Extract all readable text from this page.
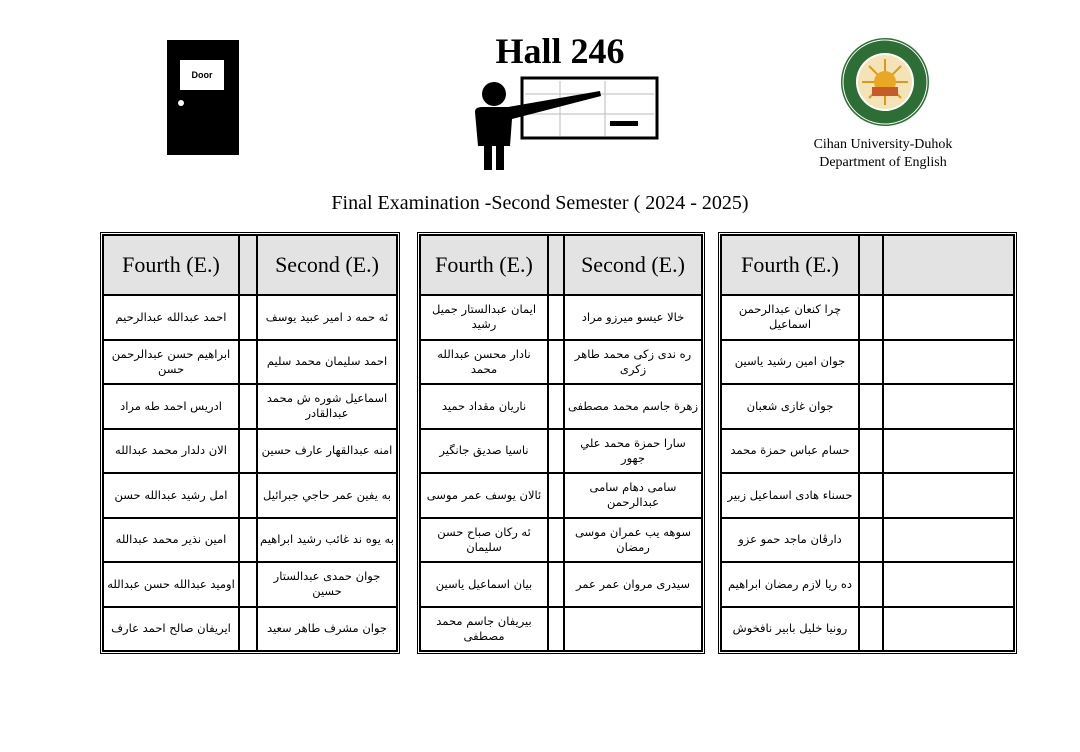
Door
Hall 246
Cihan University-Duhok
Department of English
Final Examination -Second Semester ( 2024 - 2025)
Fourth (E.)		Second (E.)
احمد عبدالله عبدالرحيم		ئه حمه د امير عبيد يوسف
ابراهيم حسن عبدالرحمن حسن		احمد سليمان محمد سليم
ادريس احمد طه مراد		اسماعيل شوره ش محمد عبدالقادر
الان دلدار محمد عبدالله		امنه عبدالقهار عارف حسين
امل رشيد عبدالله حسن		به يفين عمر حاجي جبرائيل
امين نذير محمد عبدالله		به يوه ند غائب رشيد ابراهيم
اوميد عبدالله حسن عبدالله		جوان حمدى عبدالستار حسين
ايريفان صالح احمد عارف		جوان مشرف طاهر سعيد
Fourth (E.)		Second (E.)
ايمان عبدالستار جميل رشيد		خالا عيسو ميرزو مراد
نادار محسن عبدالله محمد		ره ندى زكى محمد طاهر زكرى
ناريان مقداد حميد		زهرة جاسم محمد مصطفى
ناسيا صديق جانگير		سارا حمزة محمد علي جهور
ئالان يوسف عمر موسى		سامى دهام سامى عبدالرحمن
ئه ركان صباح حسن سليمان		سوهه يب عمران موسى رمضان
بيان اسماعيل ياسين		سيدرى مروان عمر عمر
بيريفان جاسم محمد مصطفى		
Fourth (E.)		
چرا كنعان عبدالرحمن اسماعيل		
جوان امين رشيد ياسين		
جوان غازى شعبان		
حسام عباس حمزة محمد		
حسناء هادى اسماعيل زبير		
دارڤان ماجد حمو عزو		
ده ريا لازم رمضان ابراهيم		
رونيا خليل بابير نافخوش		
